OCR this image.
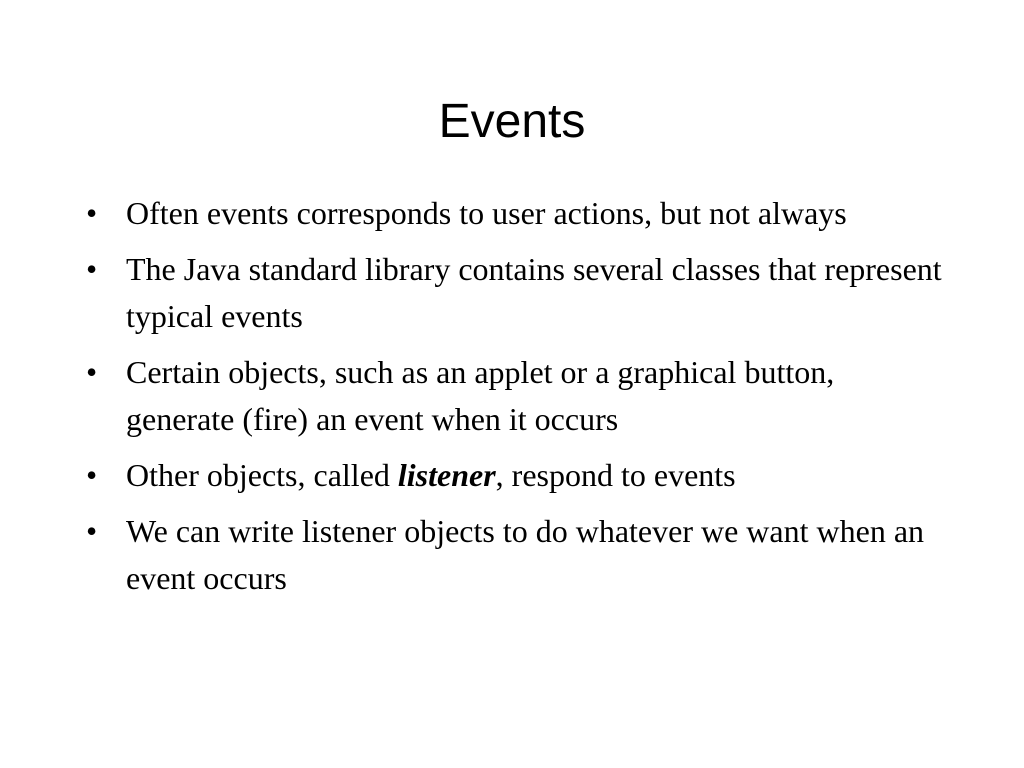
Events
• Often events corresponds to user actions, but not always
• The Java standard library contains several classes that represent typical events
• Certain objects, such as an applet or a graphical button, generate (fire) an event when it occurs
• Other objects, called listener, respond to events
• We can write listener objects to do whatever we want when an event occurs
